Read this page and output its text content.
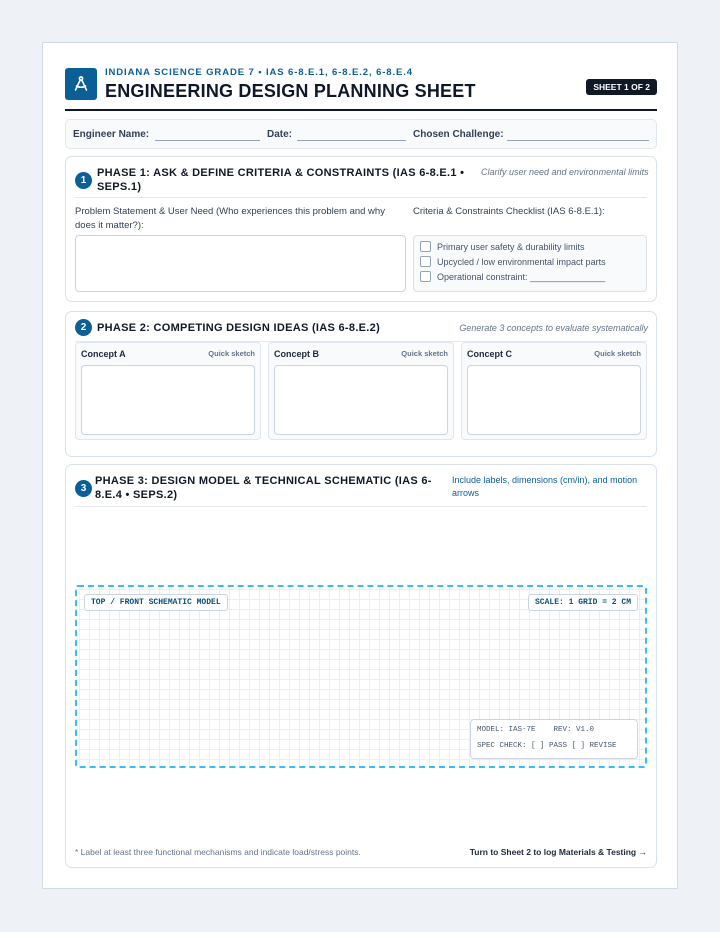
INDIANA SCIENCE GRADE 7 • IAS 6-8.E.1, 6-8.E.2, 6-8.E.4
ENGINEERING DESIGN PLANNING SHEET	SHEET 1 OF 2
Engineer Name:	Date:	Chosen Challenge:
1
PHASE 1: ASK & DEFINE CRITERIA & CONSTRAINTS (IAS 6-8.E.1 • SEPS.1)
Clarify user need and environmental limits
Problem Statement & User Need (Who experiences this problem and why does it matter?):
Criteria & Constraints Checklist (IAS 6-8.E.1):
Primary user safety & durability limits
Upcycled / low environmental impact parts
Operational constraint: _______________
2 PHASE 2: COMPETING DESIGN IDEAS (IAS 6-8.E.2)	Generate 3 concepts to evaluate systematically
Concept A	Quick sketch Concept B	Quick sketch Concept C	Quick sketch
3
PHASE 3: DESIGN MODEL & TECHNICAL SCHEMATIC (IAS 6-8.E.4 • SEPS.2)
Include labels, dimensions (cm/in), and motion arrows
TOP / FRONT SCHEMATIC MODEL	SCALE: 1 GRID = 2 CM
MODEL: IAS-7E    REV: V1.0
SPEC CHECK: [ ] PASS [ ] REVISE
* Label at least three functional mechanisms and indicate load/stress points.	Turn to Sheet 2 to log Materials & Testing →
